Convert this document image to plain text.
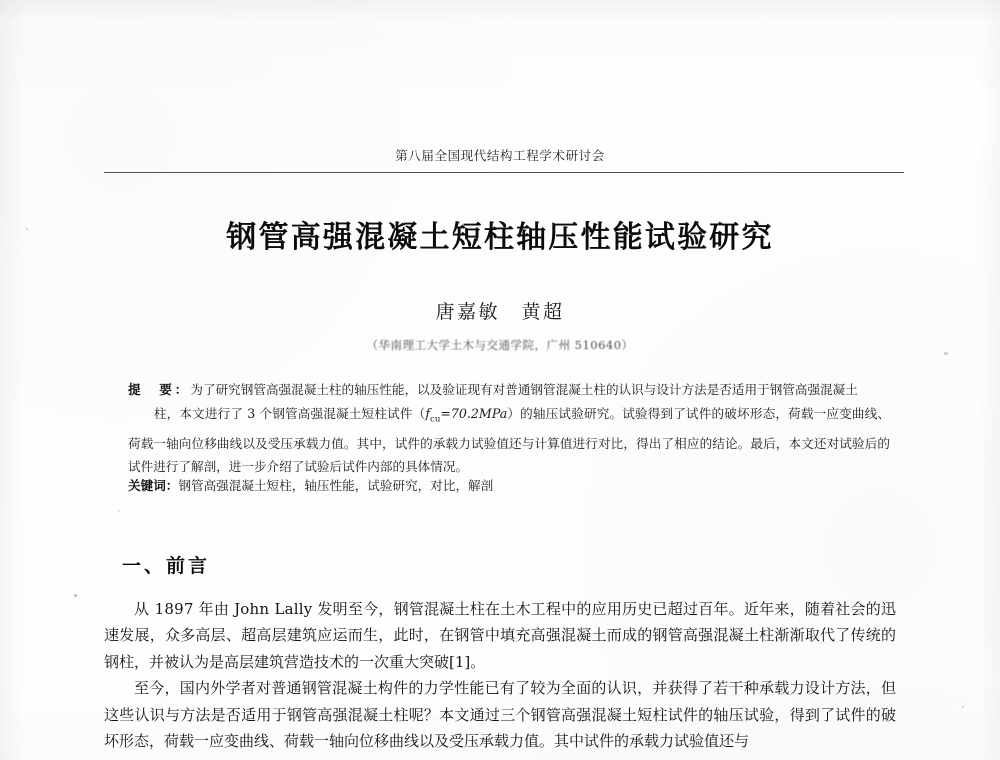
第八届全国现代结构工程学术研讨会
钢管高强混凝土短柱轴压性能试验研究
唐嘉敏　黄超
（华南理工大学土木与交通学院，广州 510640）

提　要：为了研究钢管高强混凝土柱的轴压性能，以及验证现有对普通钢管混凝土柱的认识与设计方法是否适用于钢管高强混凝土

柱，本文进行了 3 个钢管高强混凝土短柱试件$(f_{cu}=70.2MPa)$的轴压试验研究。试验得到了试件的破坏形态，荷载一应变曲线、荷载一轴向位移曲线以及受压承载力值。其中，试件的承载力试验值还与计算值进行对比，得出了相应的结论。最后，本文还对试验后的试件进行了解剖，进一步介绍了试验后试件内部的具体情况。

关键词：钢管高强混凝土短柱，轴压性能，试验研究，对比，解剖
一、前言

从 1897 年由 John Lally 发明至今，钢管混凝土柱在土木工程中的应用历史已超过百年。近年来，随着社会的迅速发展，众多高层、超高层建筑应运而生，此时，在钢管中填充高强混凝土而成的钢管高强混凝土柱渐渐取代了传统的钢柱，并被认为是高层建筑营造技术的一次重大突破[1]。

至今，国内外学者对普通钢管混凝土构件的力学性能已有了较为全面的认识，并获得了若干种承载力设计方法，但这些认识与方法是否适用于钢管高强混凝土柱呢？本文通过三个钢管高强混凝土短柱试件的轴压试验，得到了试件的破坏形态，荷载一应变曲线、荷载一轴向位移曲线以及受压承载力值。其中试件的承载力试验值还与
